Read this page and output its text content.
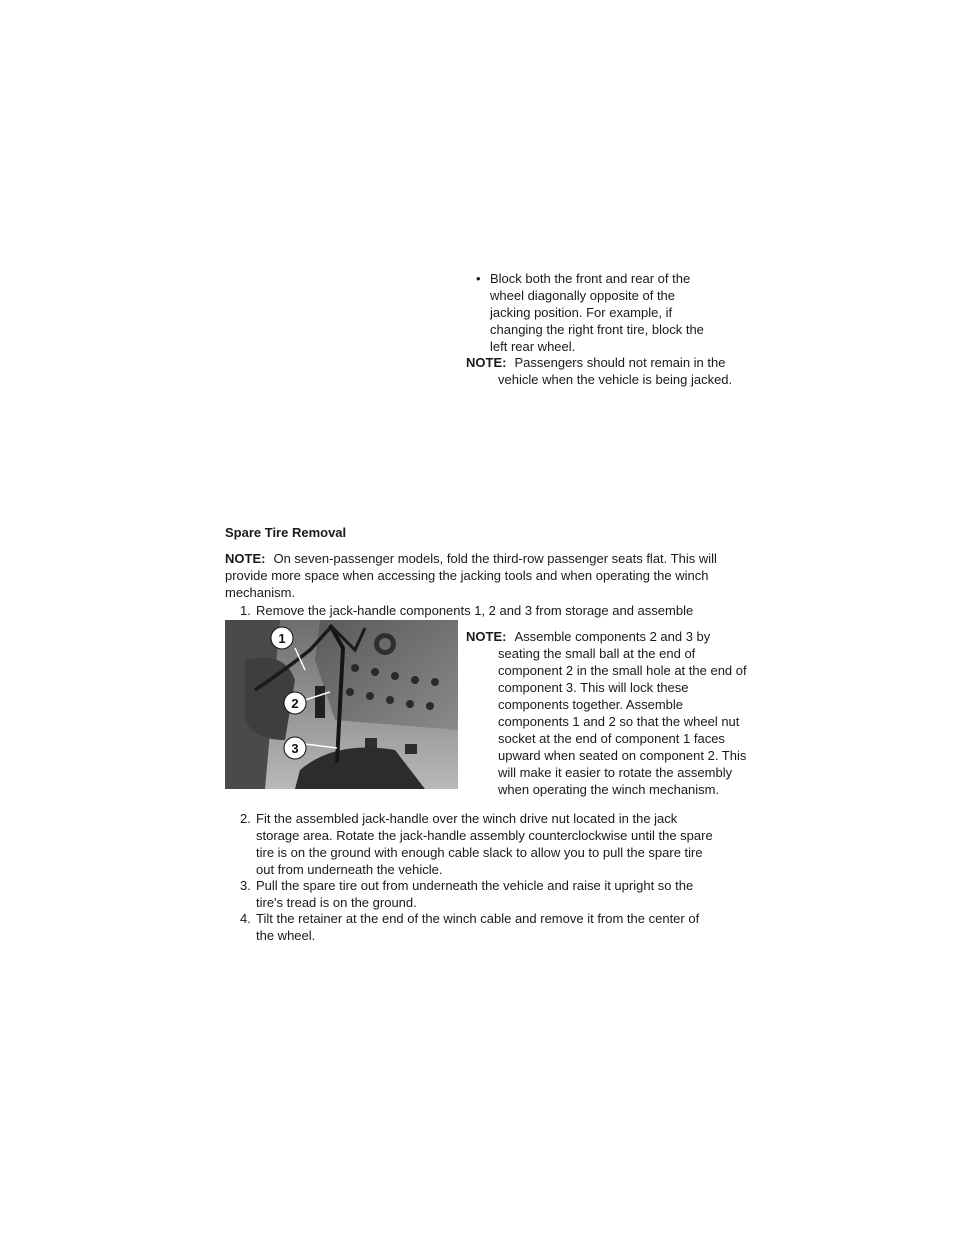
• Block both the front and rear of the wheel diagonally opposite of the jacking position. For example, if changing the right front tire, block the left rear wheel.
NOTE: Passengers should not remain in the vehicle when the vehicle is being jacked.
Spare Tire Removal
NOTE: On seven-passenger models, fold the third-row passenger seats flat. This will provide more space when accessing the jacking tools and when operating the winch mechanism.
1. Remove the jack-handle components 1, 2 and 3 from storage and assemble
1
2
3
NOTE: Assemble components 2 and 3 by seating the small ball at the end of component 2 in the small hole at the end of component 3. This will lock these components together. Assemble components 1 and 2 so that the wheel nut socket at the end of component 1 faces upward when seated on component 2. This will make it easier to rotate the assembly when operating the winch mechanism.
2. Fit the assembled jack-handle over the winch drive nut located in the jack storage area. Rotate the jack-handle assembly counterclockwise until the spare tire is on the ground with enough cable slack to allow you to pull the spare tire out from underneath the vehicle.
3. Pull the spare tire out from underneath the vehicle and raise it upright so the tire's tread is on the ground.
4. Tilt the retainer at the end of the winch cable and remove it from the center of the wheel.
